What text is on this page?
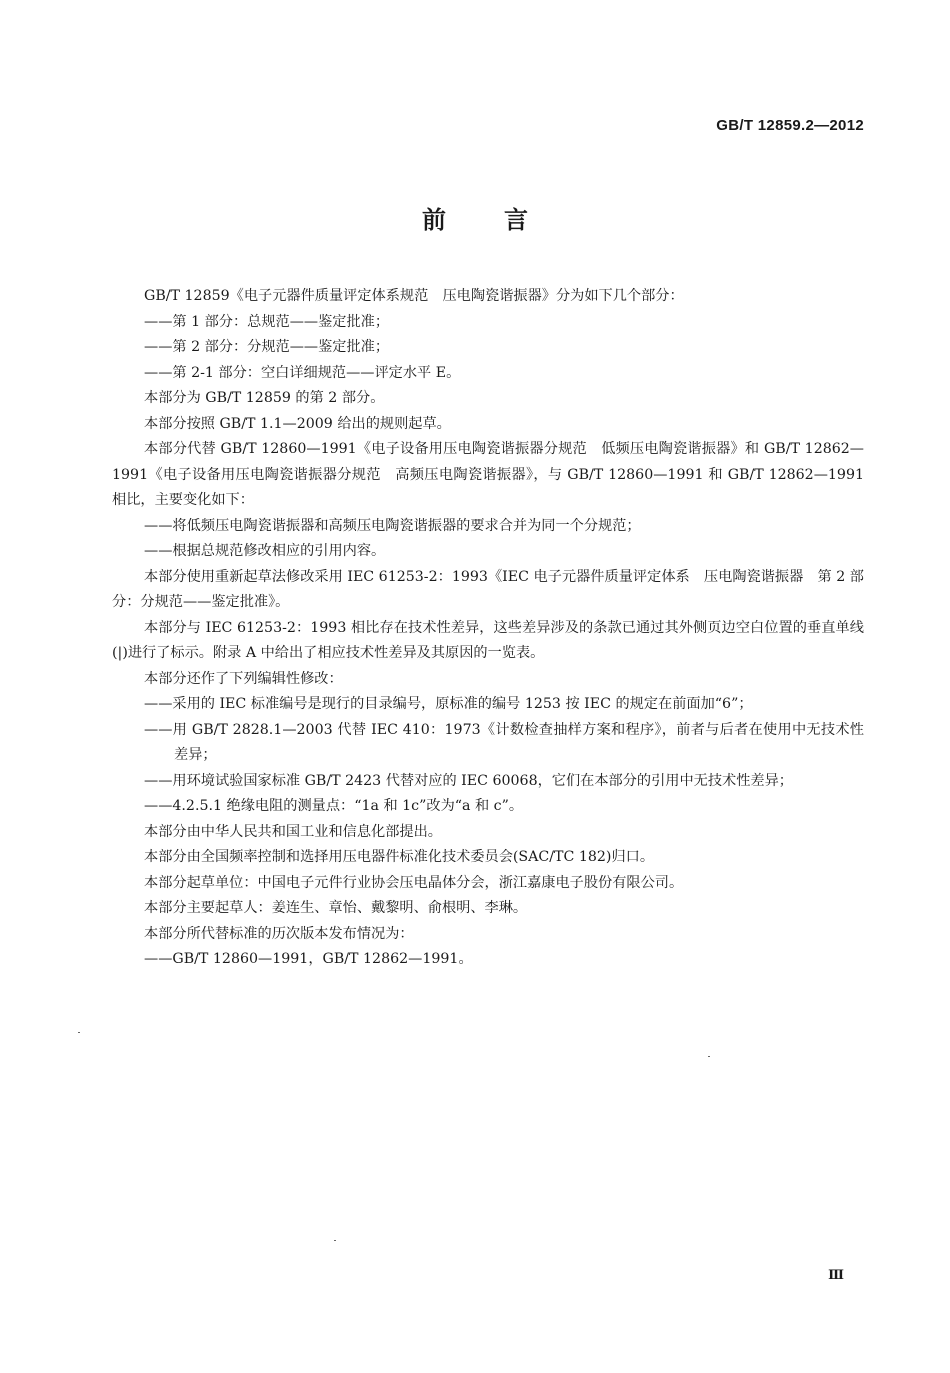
GB/T 12859.2—2012
前言

GB/T 12859《电子元器件质量评定体系规范　压电陶瓷谐振器》分为如下几个部分：

——第 1 部分：总规范——鉴定批准；

——第 2 部分：分规范——鉴定批准；

——第 2-1 部分：空白详细规范——评定水平 E。

本部分为 GB/T 12859 的第 2 部分。

本部分按照 GB/T 1.1—2009 给出的规则起草。

本部分代替 GB/T 12860—1991《电子设备用压电陶瓷谐振器分规范　低频压电陶瓷谐振器》和 GB/T 12862—1991《电子设备用压电陶瓷谐振器分规范　高频压电陶瓷谐振器》，与 GB/T 12860—1991 和 GB/T 12862—1991 相比，主要变化如下：

——将低频压电陶瓷谐振器和高频压电陶瓷谐振器的要求合并为同一个分规范；

——根据总规范修改相应的引用内容。

本部分使用重新起草法修改采用 IEC 61253-2：1993《IEC 电子元器件质量评定体系　压电陶瓷谐振器　第 2 部分：分规范——鉴定批准》。

本部分与 IEC 61253-2：1993 相比存在技术性差异，这些差异涉及的条款已通过其外侧页边空白位置的垂直单线(|)进行了标示。附录 A 中给出了相应技术性差异及其原因的一览表。

本部分还作了下列编辑性修改：

——采用的 IEC 标准编号是现行的目录编号，原标准的编号 1253 按 IEC 的规定在前面加“6”；

——用 GB/T 2828.1—2003 代替 IEC 410：1973《计数检查抽样方案和程序》，前者与后者在使用中无技术性差异；

——用环境试验国家标准 GB/T 2423 代替对应的 IEC 60068，它们在本部分的引用中无技术性差异；

——4.2.5.1 绝缘电阻的测量点：“1a 和 1c”改为“a 和 c”。

本部分由中华人民共和国工业和信息化部提出。

本部分由全国频率控制和选择用压电器件标准化技术委员会(SAC/TC 182)归口。

本部分起草单位：中国电子元件行业协会压电晶体分会，浙江嘉康电子股份有限公司。

本部分主要起草人：姜连生、章怡、戴黎明、俞根明、李琳。

本部分所代替标准的历次版本发布情况为：

——GB/T 12860—1991，GB/T 12862—1991。

Ⅲ
